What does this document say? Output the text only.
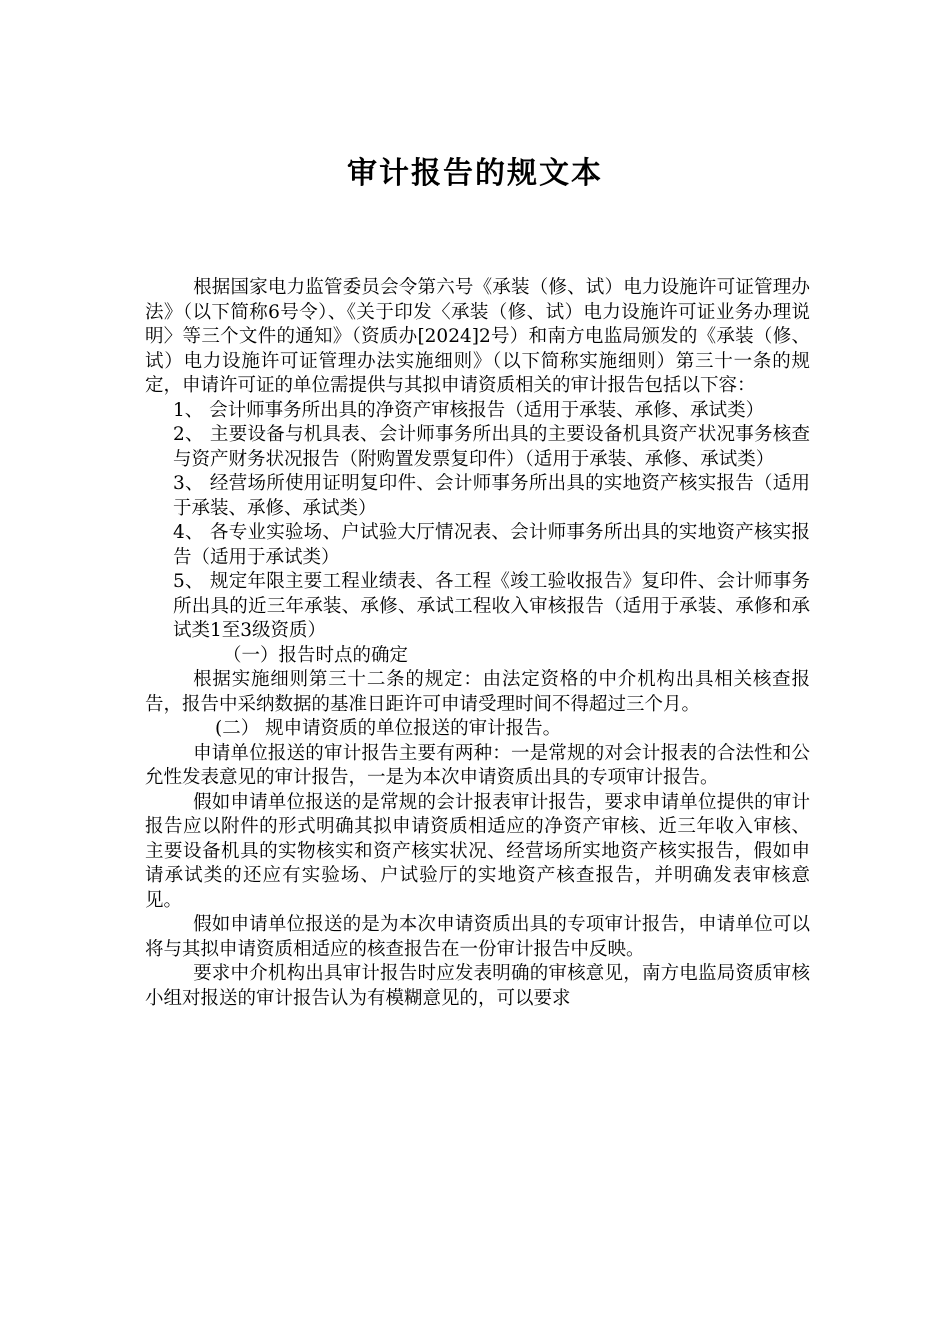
审计报告的规文本

根据国家电力监管委员会令第六号《承装（修、试）电力设施许可证管理办法》（以下简称6号令）、《关于印发〈承装（修、试）电力设施许可证业务办理说明〉等三个文件的通知》（资质办[2024]2号）和南方电监局颁发的《承装（修、试）电力设施许可证管理办法实施细则》（以下简称实施细则）第三十一条的规定，申请许可证的单位需提供与其拟申请资质相关的审计报告包括以下容：

1、 会计师事务所出具的净资产审核报告（适用于承装、承修、承试类）

2、 主要设备与机具表、会计师事务所出具的主要设备机具资产状况事务核查与资产财务状况报告（附购置发票复印件）（适用于承装、承修、承试类）

3、 经营场所使用证明复印件、会计师事务所出具的实地资产核实报告（适用于承装、承修、承试类）

4、 各专业实验场、户试验大厅情况表、会计师事务所出具的实地资产核实报告（适用于承试类）

5、 规定年限主要工程业绩表、各工程《竣工验收报告》复印件、会计师事务所出具的近三年承装、承修、承试工程收入审核报告（适用于承装、承修和承试类1至3级资质）

（一）报告时点的确定

根据实施细则第三十二条的规定：由法定资格的中介机构出具相关核查报告，报告中采纳数据的基准日距许可申请受理时间不得超过三个月。

(二） 规申请资质的单位报送的审计报告。

申请单位报送的审计报告主要有两种：一是常规的对会计报表的合法性和公允性发表意见的审计报告，一是为本次申请资质出具的专项审计报告。

假如申请单位报送的是常规的会计报表审计报告，要求申请单位提供的审计报告应以附件的形式明确其拟申请资质相适应的净资产审核、近三年收入审核、主要设备机具的实物核实和资产核实状况、经营场所实地资产核实报告，假如申请承试类的还应有实验场、户试验厅的实地资产核查报告，并明确发表审核意见。

假如申请单位报送的是为本次申请资质出具的专项审计报告，申请单位可以将与其拟申请资质相适应的核查报告在一份审计报告中反映。

要求中介机构出具审计报告时应发表明确的审核意见，南方电监局资质审核小组对报送的审计报告认为有模糊意见的，可以要求
